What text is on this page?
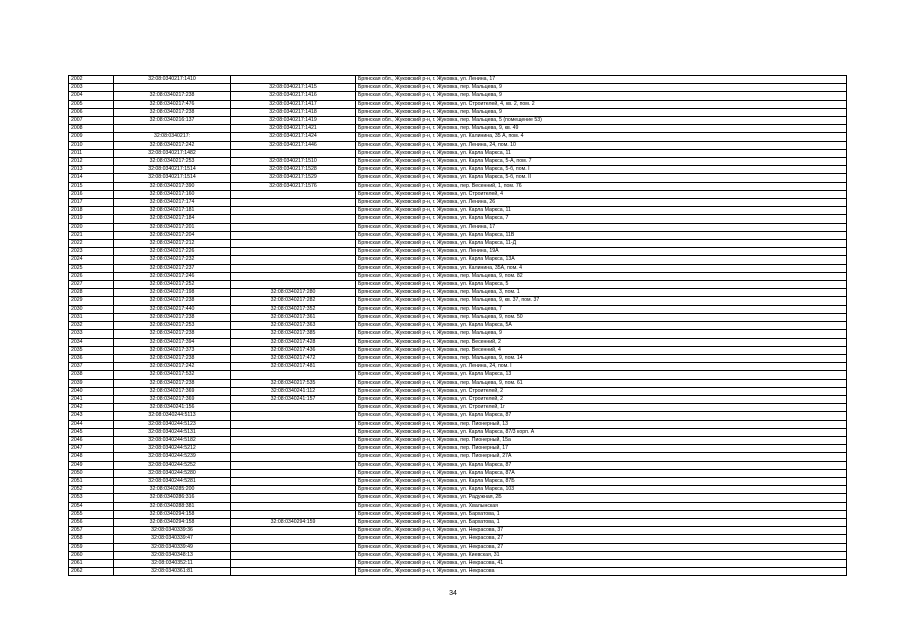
2002	32:08:0340217:1410		Брянская обл., Жуковский р-н, г. Жуковка, ул. Ленина, 17
2003		32:08:0340217:1415	Брянская обл., Жуковский р-н, г. Жуковка, пер. Мальцева, 9
2004	32:08:0340217:238	32:08:0340217:1416	Брянская обл., Жуковский р-н, г. Жуковка, пер. Мальцева, 9
2005	32:08:0340217:476	32:08:0340217:1417	Брянская обл., Жуковский р-н, г. Жуковка, ул. Строителей, 4, кв. 2, пом. 2
2006	32:08:0340217:238	32:08:0340217:1418	Брянская обл., Жуковский р-н, г. Жуковка, пер. Мальцева, 9
2007	32:08:0340216:137	32:08:0340217:1419	Брянская обл., Жуковский р-н, г. Жуковка, пер. Мальцева, 5 (помещение 53)
2008		32:08:0340217:1421	Брянская обл., Жуковский р-н, г. Жуковка, пер. Мальцева, 9, кв. 49
2009	32:08:0340217:	32:08:0340217:1424	Брянская обл., Жуковский р-н, г. Жуковка, ул. Калинина, 35 А, пом. 4
2010	32:08:0340217:242	32:08:0340217:1446	Брянская обл., Жуковский р-н, г. Жуковка, ул. Ленина, 24, пом. 10
2011	32:08:0340217:1482		Брянская обл., Жуковский р-н, г. Жуковка, ул. Карла Маркса, 11
2012	32:08:0340217:253	32:08:0340217:1510	Брянская обл., Жуковский р-н, г. Жуковка, ул. Карла Маркса, 5-А, пом. 7
2013	32:08:0340217:1514	32:08:0340217:1528	Брянская обл., Жуковский р-н, г. Жуковка, ул. Карла Маркса, 5-б, пом. I
2014	32:08:0340217:1514	32:08:0340217:1529	Брянская обл., Жуковский р-н, г. Жуковка, ул. Карла Маркса, 5-б, пом. II
2015	32:08:0340217:390	32:08:0340217:1576	Брянская обл., Жуковский р-н, г. Жуковка, пер. Весенний, 1, пом. 76
2016	32:08:0340217:160		Брянская обл., Жуковский р-н, г. Жуковка, ул. Строителей, 4
2017	32:08:0340217:174		Брянская обл., Жуковский р-н, г. Жуковка, ул. Ленина, 26
2018	32:08:0340217:181		Брянская обл., Жуковский р-н, г. Жуковка, ул. Карла Маркса, 11
2019	32:08:0340217:184		Брянская обл., Жуковский р-н, г. Жуковка, ул. Карла Маркса, 7
2020	32:08:0340217:201		Брянская обл., Жуковский р-н, г. Жуковка, ул. Ленина, 17
2021	32:08:0340217:204		Брянская обл., Жуковский р-н, г. Жуковка, ул. Карла Маркса, 11В
2022	32:08:0340217:212		Брянская обл., Жуковский р-н, г. Жуковка, ул. Карла Маркса, 11-Д
2023	32:08:0340217:226		Брянская обл., Жуковский р-н, г. Жуковка, ул. Ленина, 19А
2024	32:08:0340217:232		Брянская обл., Жуковский р-н, г. Жуковка, ул. Карла Маркса, 13А
2025	32:08:0340217:237		Брянская обл., Жуковский р-н, г. Жуковка, ул. Калинина, 35А, пом. 4
2026	32:08:0340217:246		Брянская обл., Жуковский р-н, г. Жуковка, пер. Мальцева, 9, пом. 82
2027	32:08:0340217:252		Брянская обл., Жуковский р-н, г. Жуковка, ул. Карла Маркса, 5
2028	32:08:0340217:198	32:08:0340217:280	Брянская обл., Жуковский р-н, г. Жуковка, пер. Мальцева, 3, пом. 1
2029	32:08:0340217:238	32:08:0340217:282	Брянская обл., Жуковский р-н, г. Жуковка, пер. Мальцева, 9, кв. 37, пом. 37
2030	32:08:0340217:440	32:08:0340217:352	Брянская обл., Жуковский р-н, г. Жуковка, пер. Мальцева, 7
2031	32:08:0340217:238	32:08:0340217:361	Брянская обл., Жуковский р-н, г. Жуковка, пер. Мальцева, 9, пом. 50
2032	32:08:0340217:253	32:08:0340217:363	Брянская обл., Жуковский р-н, г. Жуковка, ул. Карла Маркса, 5А
2033	32:08:0340217:238	32:08:0340217:385	Брянская обл., Жуковский р-н, г. Жуковка, пер. Мальцева, 9
2034	32:08:0340217:394	32:08:0340217:428	Брянская обл., Жуковский р-н, г. Жуковка, пер. Весенний, 2
2035	32:08:0340217:373	32:08:0340217:436	Брянская обл., Жуковский р-н, г. Жуковка, пер. Весенний, 4
2036	32:08:0340217:238	32:08:0340217:472	Брянская обл., Жуковский р-н, г. Жуковка, пер. Мальцева, 9, пом. 14
2037	32:08:0340217:242	32:08:0340217:481	Брянская обл., Жуковский р-н, г. Жуковка, ул. Ленина, 24, пом. I
2038	32:08:0340217:532		Брянская обл., Жуковский р-н, г. Жуковка, ул. Карла Маркса, 13
2039	32:08:0340217:238	32:08:0340217:535	Брянская обл., Жуковский р-н, г. Жуковка, пер. Мальцева, 9, пом. 61
2040	32:08:0340217:369	32:08:0340241:112	Брянская обл., Жуковский р-н, г. Жуковка, ул. Строителей, 2
2041	32:08:0340217:369	32:08:0340241:157	Брянская обл., Жуковский р-н, г. Жуковка, ул. Строителей, 2
2042	32:08:0340241:156		Брянская обл., Жуковский р-н, г. Жуковка, ул. Строителей, 1г
2043	32:08:0340244:5113		Брянская обл., Жуковский р-н, г. Жуковка, ул. Карла Маркса, 87
2044	32:08:0340244:5123		Брянская обл., Жуковский р-н, г. Жуковка, пер. Пионерный, 13
2045	32:08:0340244:5131		Брянская обл., Жуковский р-н, г. Жуковка, ул. Карла Маркса, 87/3 корп. А
2046	32:08:0340244:5182		Брянская обл., Жуковский р-н, г. Жуковка, пер. Пионерный, 15а
2047	32:08:0340244:5212		Брянская обл., Жуковский р-н, г. Жуковка, пер. Пионерный, 17
2048	32:08:0340244:5239		Брянская обл., Жуковский р-н, г. Жуковка, пер. Пионерный, 27А
2049	32:08:0340244:5252		Брянская обл., Жуковский р-н, г. Жуковка, ул. Карла Маркса, 87
2050	32:08:0340244:5280		Брянская обл., Жуковский р-н, г. Жуковка, ул. Карла Маркса, 87А
2051	32:08:0340244:5281		Брянская обл., Жуковский р-н, г. Жуковка, ул. Карла Маркса, 87Б
2052	32:08:0340285:200		Брянская обл., Жуковский р-н, г. Жуковка, ул. Карла Маркса, 103
2053	32:08:0340286:316		Брянская обл., Жуковский р-н, г. Жуковка, ул. Радужная, 2Б
2054	32:08:0340288:381		Брянская обл., Жуковский р-н, г. Жуковка, ул. Хвалынская
2055	32:08:0340294:158		Брянская обл., Жуковский р-н, г. Жуковка, ул. Бархатова, 1
2056	32:08:0340294:158	32:08:0340294:159	Брянская обл., Жуковский р-н, г. Жуковка, ул. Бархатова, 1
2057	32:08:0340339:36		Брянская обл., Жуковский р-н, г. Жуковка, ул. Некрасова, 37
2058	32:08:0340339:47		Брянская обл., Жуковский р-н, г. Жуковка, ул. Некрасова, 27
2059	32:08:0340339:49		Брянская обл., Жуковский р-н, г. Жуковка, ул. Некрасова, 27
2060	32:08:0340348:13		Брянская обл., Жуковский р-н, г. Жуковка, ул. Киевская, 31
2061	32:08:0340352:11		Брянская обл., Жуковский р-н, г. Жуковка, ул. Некрасова, 41
2062	32:08:0340361:81		Брянская обл., Жуковский р-н, г. Жуковка, ул. Некрасова
34
